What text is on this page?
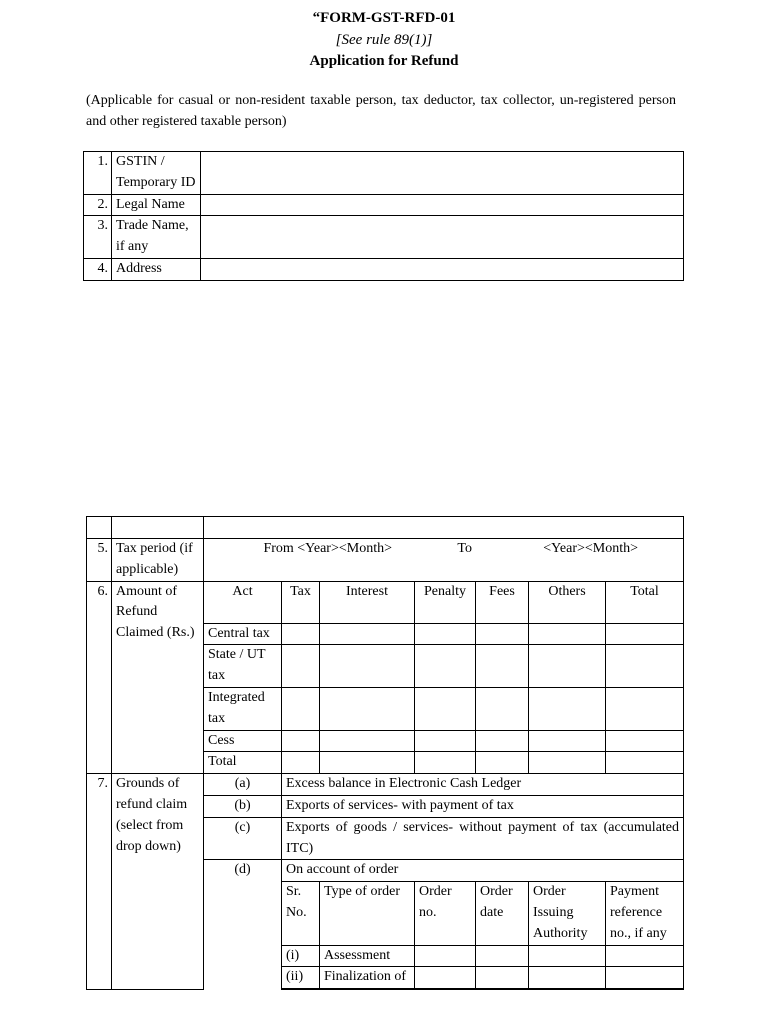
“FORM-GST-RFD-01
[See rule 89(1)]
Application for Refund
(Applicable for casual or non-resident taxable person, tax deductor, tax collector, un-registered person and other registered taxable person)
1.	GSTIN / Temporary ID	
2.	Legal Name	
3.	Trade Name, if any	
4.	Address	

5.	Tax period (if applicable)	From <Year><Month> To <Year><Month>						

6.	Amount of Refund Claimed (Rs.)	Act	Tax	Interest	Penalty	Fees	Others	Total
		Central tax						
		State / UT tax						
		Integrated tax						
		Cess						
		Total						
7.	Grounds of refund claim (select from drop down)	(a)	Excess balance in Electronic Cash Ledger					
		(b)	Exports of services- with payment of tax					
		(c)	Exports of goods / services- without payment of tax (accumulated ITC)					
		(d)	On account of order					
			Sr. No.	Type of order	Order no.	Order date	Order Issuing Authority	Payment reference no., if any
			(i)	Assessment				
			(ii)	Finalization of				
